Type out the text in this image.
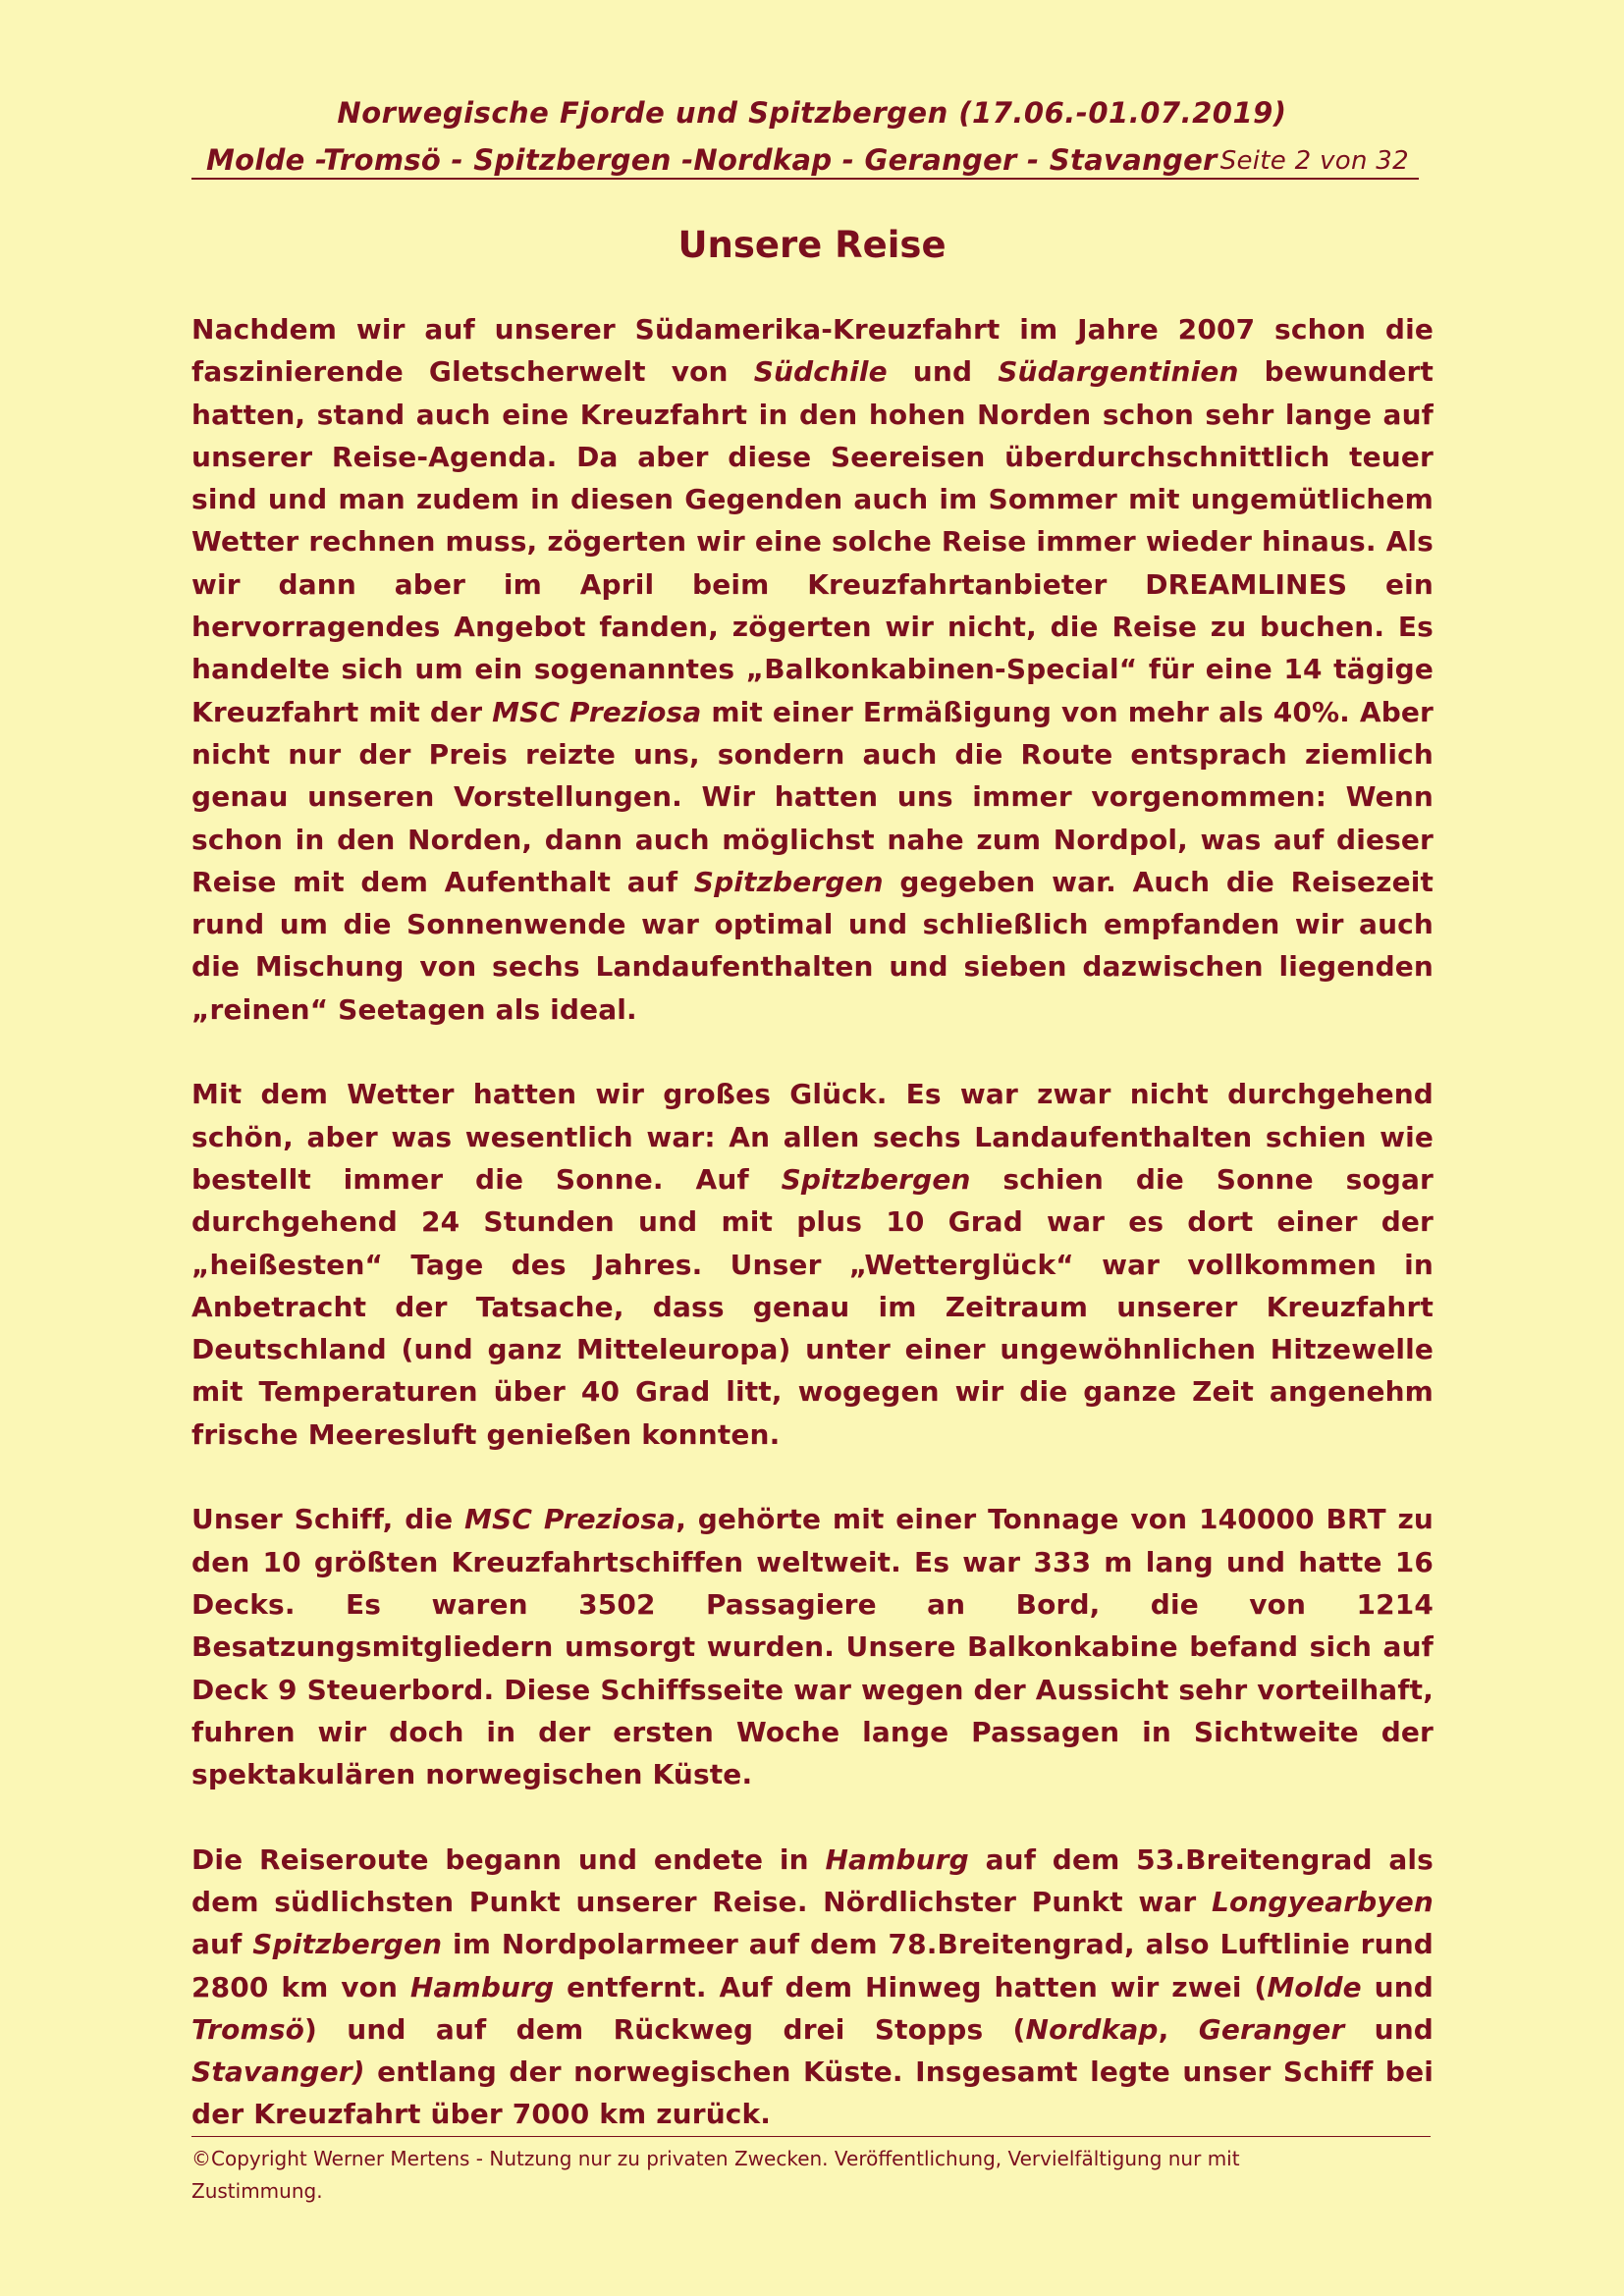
Norwegische Fjorde und Spitzbergen (17.06.-01.07.2019)
Molde -Tromsö - Spitzbergen -Nordkap - Geranger - Stavanger Seite 2 von 32
Unsere Reise

Nachdem wir auf unserer Südamerika-Kreuzfahrt im Jahre 2007 schon die faszinierende Gletscherwelt von Südchile und Südargentinien bewundert hatten, stand auch eine Kreuzfahrt in den hohen Norden schon sehr lange auf unserer Reise-Agenda. Da aber diese Seereisen überdurchschnittlich teuer sind und man zudem in diesen Gegenden auch im Sommer mit ungemütlichem Wetter rechnen muss, zögerten wir eine solche Reise immer wieder hinaus. Als wir dann aber im April beim Kreuzfahrtanbieter DREAMLINES ein hervorragendes Angebot fanden, zögerten wir nicht, die Reise zu buchen. Es handelte sich um ein sogenanntes „Balkonkabinen-Special“ für eine 14 tägige Kreuzfahrt mit der MSC Preziosa mit einer Ermäßigung von mehr als 40%. Aber nicht nur der Preis reizte uns, sondern auch die Route entsprach ziemlich genau unseren Vorstellungen. Wir hatten uns immer vorgenommen: Wenn schon in den Norden, dann auch möglichst nahe zum Nordpol, was auf dieser Reise mit dem Aufenthalt auf Spitzbergen gegeben war. Auch die Reisezeit rund um die Sonnenwende war optimal und schließlich empfanden wir auch die Mischung von sechs Landaufenthalten und sieben dazwischen liegenden „reinen“ Seetagen als ideal.

Mit dem Wetter hatten wir großes Glück. Es war zwar nicht durchgehend schön, aber was wesentlich war: An allen sechs Landaufenthalten schien wie bestellt immer die Sonne. Auf Spitzbergen schien die Sonne sogar durchgehend 24 Stunden und mit plus 10 Grad war es dort einer der „heißesten“ Tage des Jahres. Unser „Wetterglück“ war vollkommen in Anbetracht der Tatsache, dass genau im Zeitraum unserer Kreuzfahrt Deutschland (und ganz Mitteleuropa) unter einer ungewöhnlichen Hitzewelle mit Temperaturen über 40 Grad litt, wogegen wir die ganze Zeit angenehm frische Meeresluft genießen konnten.

Unser Schiff, die MSC Preziosa, gehörte mit einer Tonnage von 140000 BRT zu den 10 größten Kreuzfahrtschiffen weltweit. Es war 333 m lang und hatte 16 Decks. Es waren 3502 Passagiere an Bord, die von 1214 Besatzungsmitgliedern umsorgt wurden. Unsere Balkonkabine befand sich auf Deck 9 Steuerbord. Diese Schiffsseite war wegen der Aussicht sehr vorteilhaft, fuhren wir doch in der ersten Woche lange Passagen in Sichtweite der spektakulären norwegischen Küste.

Die Reiseroute begann und endete in Hamburg auf dem 53.Breitengrad als dem südlichsten Punkt unserer Reise. Nördlichster Punkt war Longyearbyen auf Spitzbergen im Nordpolarmeer auf dem 78.Breitengrad, also Luftlinie rund 2800 km von Hamburg entfernt. Auf dem Hinweg hatten wir zwei (Molde und Tromsö) und auf dem Rückweg drei Stopps (Nordkap, Geranger und Stavanger) entlang der norwegischen Küste. Insgesamt legte unser Schiff bei der Kreuzfahrt über 7000 km zurück.

©Copyright Werner Mertens - Nutzung nur zu privaten Zwecken. Veröffentlichung, Vervielfältigung nur mit Zustimmung.
